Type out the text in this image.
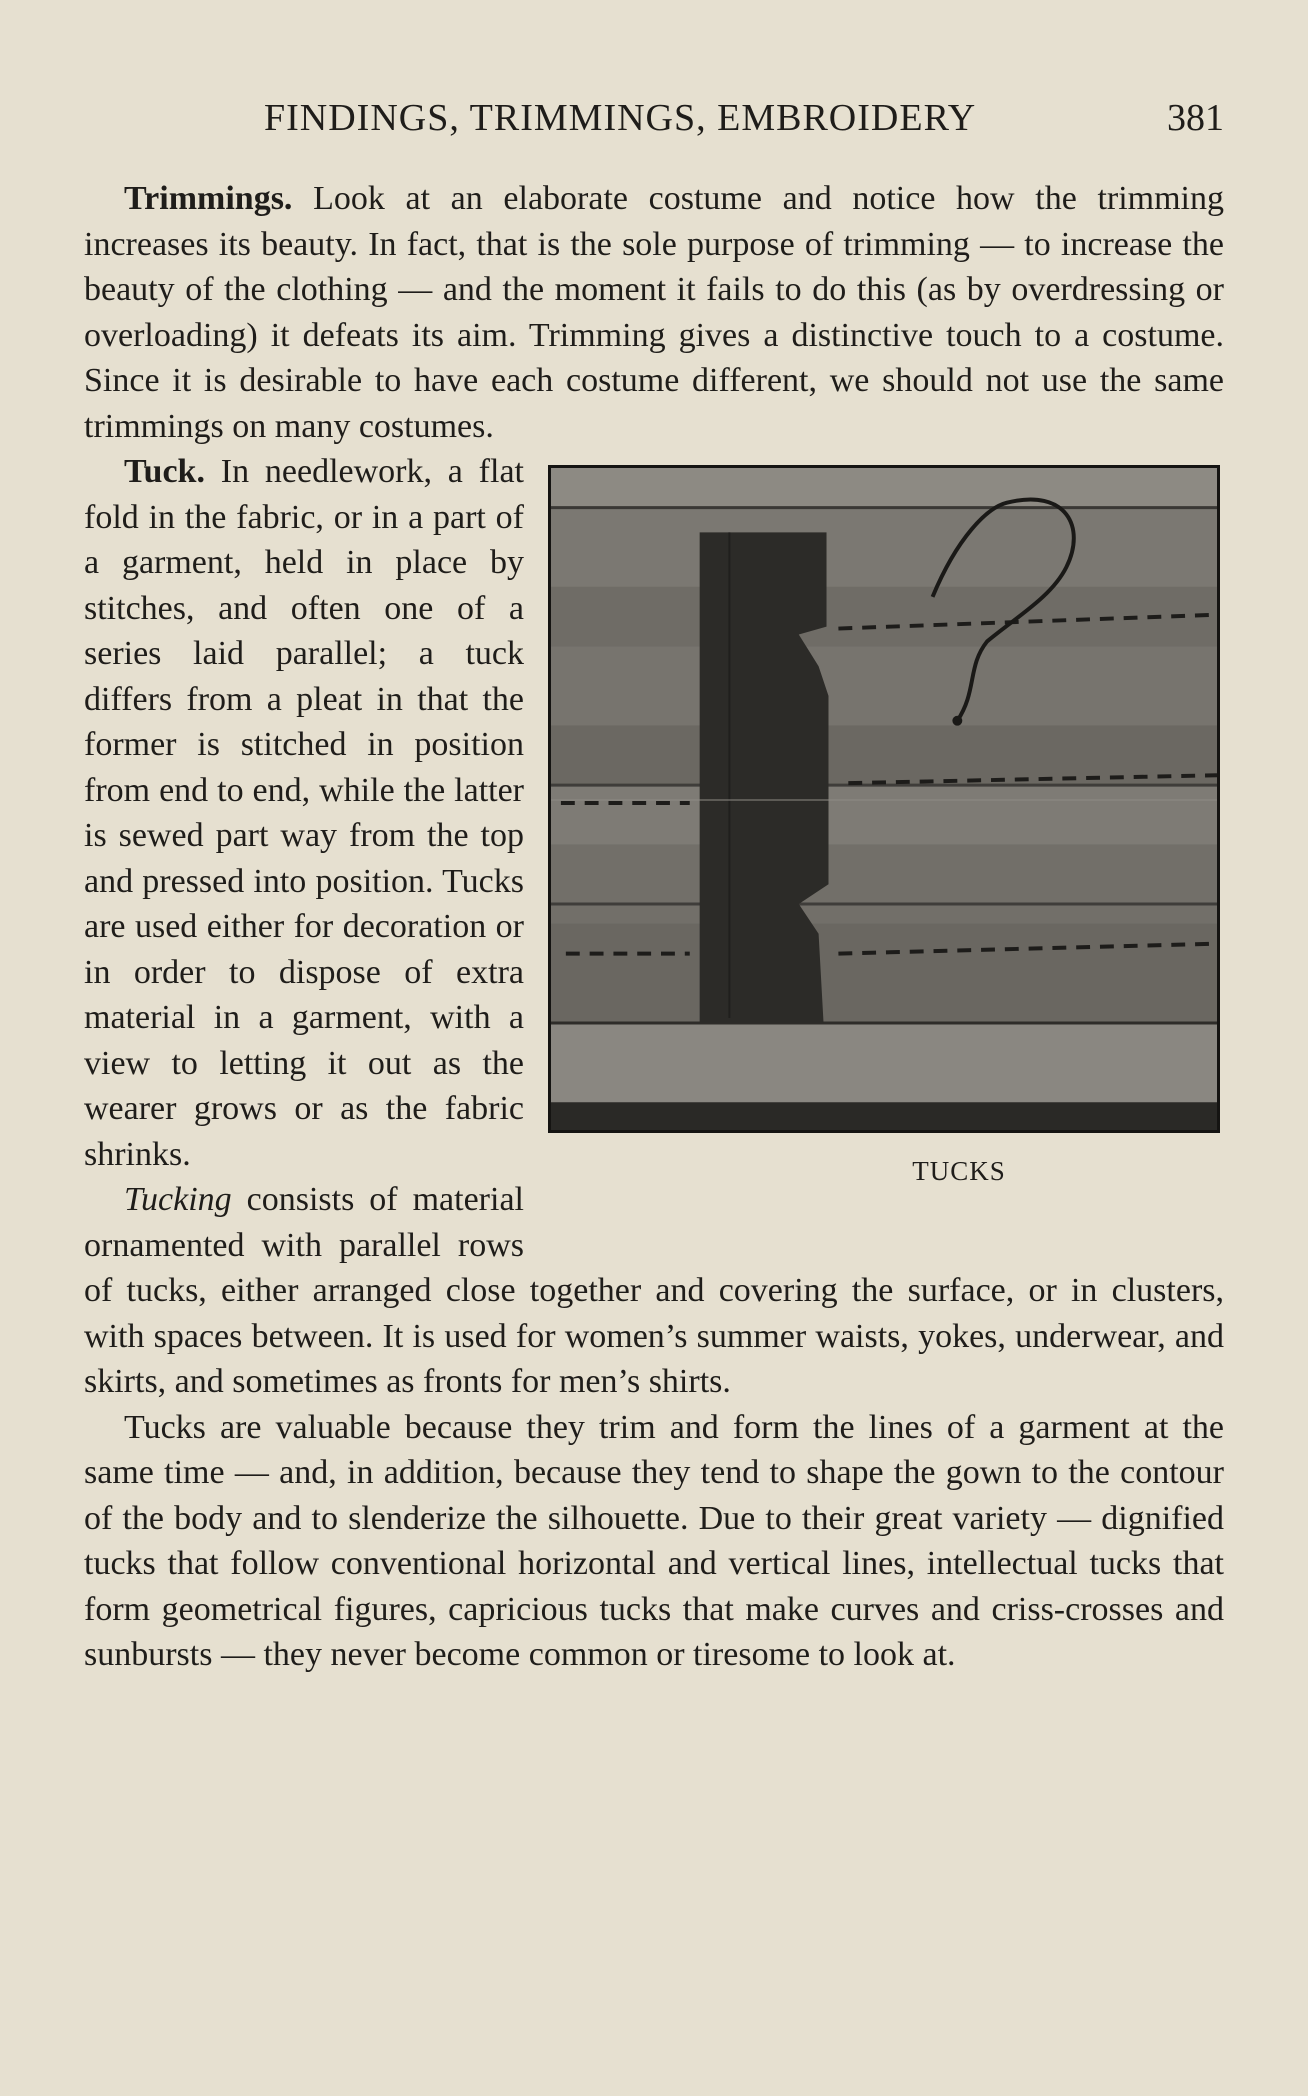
FINDINGS, TRIMMINGS, EMBROIDERY	381

Trimmings. Look at an elaborate costume and notice how the trimming increases its beauty. In fact, that is the sole purpose of trimming — to increase the beauty of the clothing — and the moment it fails to do this (as by overdressing or overloading) it defeats its aim. Trimming gives a distinctive touch to a costume. Since it is desirable to have each costume different, we should not use the same trimmings on many costumes.

TUCKS

Tuck. In needlework, a flat fold in the fabric, or in a part of a garment, held in place by stitches, and often one of a series laid parallel; a tuck differs from a pleat in that the former is stitched in position from end to end, while the latter is sewed part way from the top and pressed into position. Tucks are used either for decoration or in order to dispose of extra material in a garment, with a view to letting it out as the wearer grows or as the fabric shrinks.

Tucking consists of material ornamented with parallel rows of tucks, either arranged close together and covering the surface, or in clusters, with spaces between. It is used for women’s summer waists, yokes, underwear, and skirts, and sometimes as fronts for men’s shirts.

Tucks are valuable because they trim and form the lines of a garment at the same time — and, in addition, because they tend to shape the gown to the contour of the body and to slenderize the silhouette. Due to their great variety — dignified tucks that follow conventional horizontal and vertical lines, intellectual tucks that form geometrical figures, capricious tucks that make curves and criss-crosses and sunbursts — they never become common or tiresome to look at.
